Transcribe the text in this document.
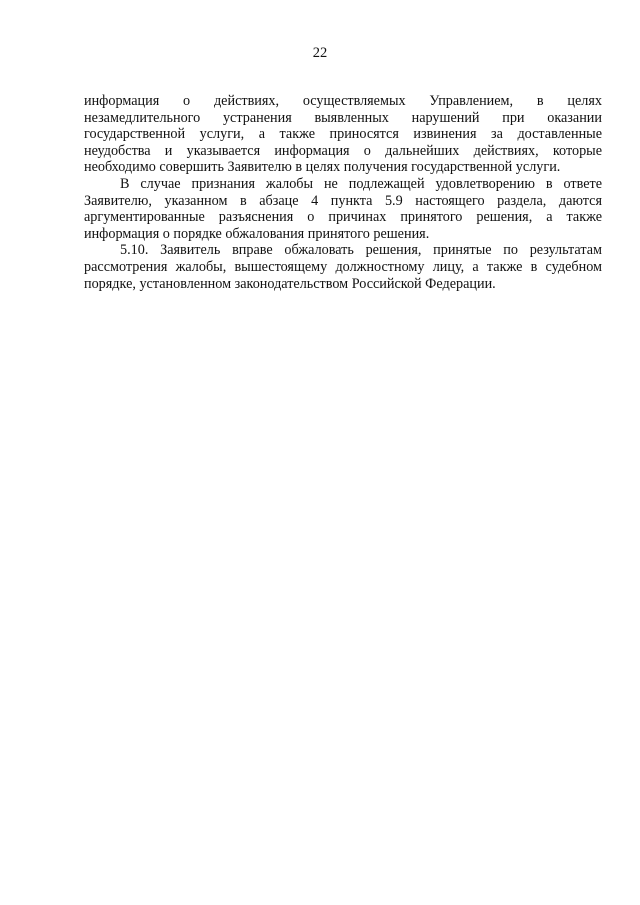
22

информация о действиях, осуществляемых Управлением, в целях
незамедлительного устранения выявленных нарушений при оказании
государственной услуги, а также приносятся извинения за доставленные
неудобства и указывается информация о дальнейших действиях, которые
необходимо совершить Заявителю в целях получения государственной услуги.

В случае признания жалобы не подлежащей удовлетворению в ответе
Заявителю, указанном в абзаце 4 пункта 5.9 настоящего раздела, даются
аргументированные разъяснения о причинах принятого решения, а также
информация о порядке обжалования принятого решения.

5.10. Заявитель вправе обжаловать решения, принятые по результатам
рассмотрения жалобы, вышестоящему должностному лицу, а также в судебном
порядке, установленном законодательством Российской Федерации.
